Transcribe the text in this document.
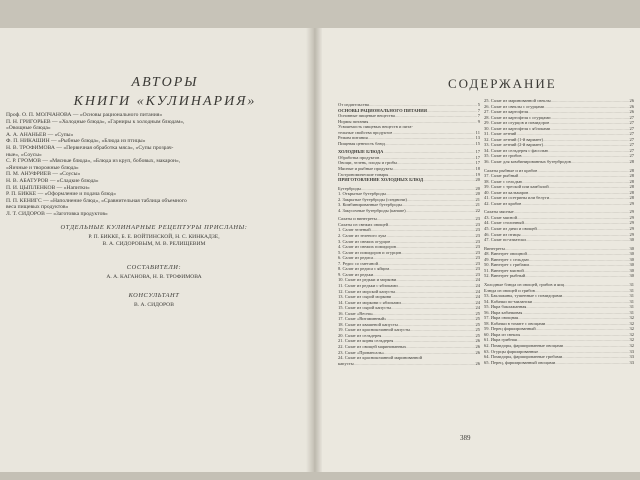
АВТОРЫ
КНИГИ «КУЛИНАРИЯ»
Проф. О. П. МОЛЧАНОВА — «Основы рационального питания»
П. Н. ГРИГОРЬЕВ — «Холодные блюда», «Гарниры к холодным блюдам»,
«Овощные блюда»
А. А. АНАНЬЕВ — «Супы»
Ф. П. НИКАШИН — «Рыбные блюда», «Блюда из птицы»
Н. В. ТРОФИМОВА — «Первичная обработка мяса», «Супы прозрач-
ные», «Соусы»
С. Р. ГРОМОВ — «Мясные блюда», «Блюда из круп, бобовых, макарон»,
«Яичные и творожные блюда»
П. М. АНУФРИЕВ — «Соусы»
Н. В. АБАТУРОВ — «Сладкие блюда»
П. И. ЦЫПЛЕНКОВ — «Напитки»
Р. П. БИККЕ — «Оформление и подача блюд»
П. П. КЕНИГС — «Наполнение блюд», «Сравнительная таблица объемного
веса пищевых продуктов»
Л. Т. СИДОРОВ — «Заготовка продуктов»
ОТДЕЛЬНЫЕ КУЛИНАРНЫЕ РЕЦЕПТУРЫ ПРИСЛАНЫ:
Р. П. БИККЕ, Б. Е. ВОЙТИНСКОЙ, Н. С. КИНКАДЗЕ,
В. А. СИДОРОВЫМ, М. В. РЕЛИЩЕВИМ
СОСТАВИТЕЛИ:
А. А. КАГАНОВА, Н. В. ТРОФИМОВА
КОНСУЛЬТАНТ
В. А. СИДОРОВ
СОДЕРЖАНИЕ
От издательства .....	5
ОСНОВЫ РАЦИОНАЛЬНОГО ПИТАНИЯ .....	7
Основные пищевые вещества .....	7
Нормы питания .....	9
Усвояемость пищевых веществ и пита-
тельные свойства продуктов .....	11
Режим питания .....	13
Пищевая ценность блюд .....	15
ХОЛОДНЫЕ БЛЮДА .....	17
Обработка продуктов .....	17
Овощи, зелень, плоды и грибы .....	17
Мясные и рыбные продукты .....	18
Гастрономические товары .....	19
ПРИГОТОВЛЕНИЕ ХОЛОДНЫХ БЛЮД .....	20
Бутерброды .....	20
1. Открытые бутерброды .....	20
2. Закрытые бутерброды (сэндвичи) .....	21
3. Комбинированные бутерброды .....	21
4. Закусочные бутерброды (канапе) .....	22
Салаты и винегреты .....	23
Салаты из свежих овощей .....	23
1. Салат зеленый .....	23
2. Салат из зеленого лука .....	23
3. Салат из свежих огурцов .....	23
4. Салат из свежих помидоров .....	23
5. Салат из помидоров и огурцов .....	23
6. Салат из редиса .....	23
7. Редис со сметаной .....	23
8. Салат из редиса с яйцом .....	23
9. Салат из редьки .....	23
10. Салат из редьки и моркови .....	24
11. Салат из редьки с яблоками .....	24
12. Салат из морской капусты .....	24
13. Салат из сырой моркови .....	24
14. Салат из моркови с яблоками .....	24
15. Салат из сырой капусты .....	24
16. Салат «Весна» .....	25
17. Салат «Витаминный» .....	25
18. Салат из квашеной капусты .....	25
19. Салат из краснокочанной капусты .....	25
20. Салат из сельдерея .....	25
21. Салат из корня сельдерея .....	26
22. Салат из овощей маринованных .....	26
23. Салат «Провансаль» .....	26
24. Салат из краснокочанной маринованной
капусты .....	26
25. Салат из маринованной свеклы .....	26
26. Салат из свеклы с огурцами .....	26
27. Салат из картофеля .....	26
28. Салат из картофеля с огурцами .....	27
29. Салат из огурцов и помидоров .....	27
30. Салат из картофеля с яблоками .....	27
31. Салат летний .....	27
32. Салат летний (1-й вариант) .....	27
33. Салат летний (2-й вариант) .....	27
34. Салат из сельдерея с фасолью .....	27
35. Салат из грибов .....	27
36. Салат для комбинированных бутербродов .....	28
Салаты рыбные и из крабов .....	28
37. Салат рыбный .....	28
38. Салат с сельдью .....	28
39. Салат с треской или камбалой .....	28
40. Салат из кальмаров .....	28
41. Салат из осетрины или белуги .....	28
42. Салат из крабов .....	29
Салаты мясные .....	29
43. Салат мясной .....	29
44. Салат столичный .....	29
45. Салат из дичи и овощей .....	29
46. Салат из птицы .....	29
47. Салат по-азиатски .....	30
Винегреты .....	30
48. Винегрет овощной .....	30
49. Винегрет с сельдью .....	30
50. Винегрет с грибами .....	30
51. Винегрет мясной .....	30
52. Винегрет рыбный .....	30
Холодные блюда из овощей, грибов и яиц .....	31
Блюда из овощей и грибов .....	31
53. Баклажаны, тушенные с помидорами .....	31
54. Кабачки по-милански .....	31
55. Икра баклажанная .....	31
56. Икра кабачковая .....	31
57. Икра овощная .....	32
58. Кабачки в томате с овощами .....	32
59. Перец фаршированный .....	32
60. Икра из свеклы .....	32
61. Икра грибная .....	32
62. Помидоры, фаршированные овощами .....	32
63. Огурцы фаршированные .....	33
64. Помидоры, фаршированные грибами .....	33
65. Перец, фаршированный овощами .....	33
389
